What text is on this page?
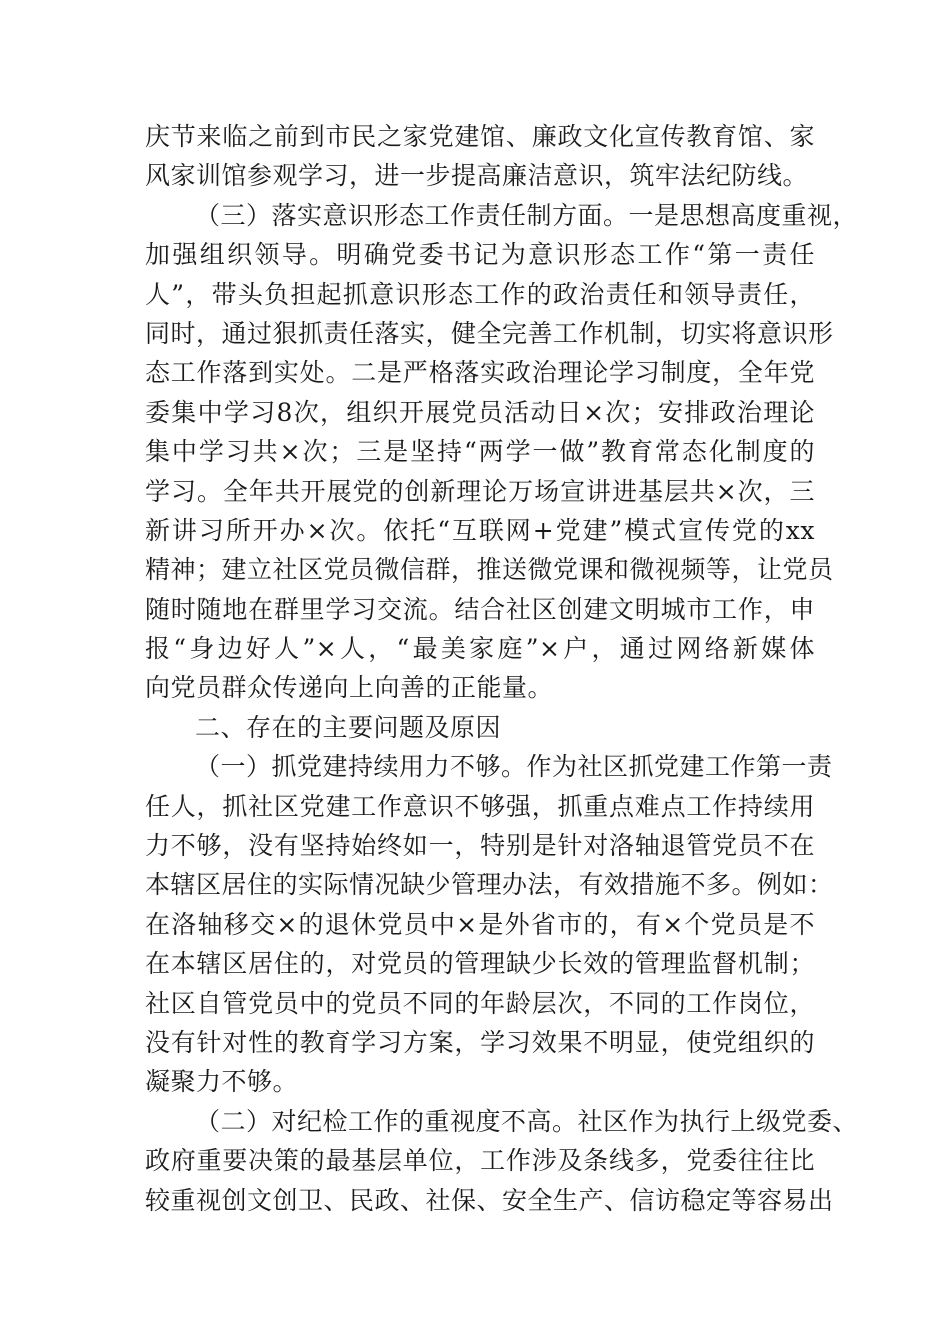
庆节来临之前到市民之家党建馆、廉政文化宣传教育馆、家
风家训馆参观学习，进一步提高廉洁意识，筑牢法纪防线。
（三）落实意识形态工作责任制方面。一是思想高度重视，
加强组织领导。明确党委书记为意识形态工作“第一责任
人”，带头负担起抓意识形态工作的政治责任和领导责任，
同时，通过狠抓责任落实，健全完善工作机制，切实将意识形
态工作落到实处。二是严格落实政治理论学习制度，全年党
委集中学习8次，组织开展党员活动日×次；安排政治理论
集中学习共×次；三是坚持“两学一做”教育常态化制度的
学习。全年共开展党的创新理论万场宣讲进基层共×次，三
新讲习所开办×次。依托“互联网+党建”模式宣传党的xx
精神；建立社区党员微信群，推送微党课和微视频等，让党员
随时随地在群里学习交流。结合社区创建文明城市工作，申
报“身边好人”×人，“最美家庭”×户，通过网络新媒体
向党员群众传递向上向善的正能量。
二、存在的主要问题及原因
（一）抓党建持续用力不够。作为社区抓党建工作第一责
任人，抓社区党建工作意识不够强，抓重点难点工作持续用
力不够，没有坚持始终如一，特别是针对洛轴退管党员不在
本辖区居住的实际情况缺少管理办法，有效措施不多。例如：
在洛轴移交×的退休党员中×是外省市的，有×个党员是不
在本辖区居住的，对党员的管理缺少长效的管理监督机制；
社区自管党员中的党员不同的年龄层次，不同的工作岗位，
没有针对性的教育学习方案，学习效果不明显，使党组织的
凝聚力不够。
（二）对纪检工作的重视度不高。社区作为执行上级党委、
政府重要决策的最基层单位，工作涉及条线多，党委往往比
较重视创文创卫、民政、社保、安全生产、信访稳定等容易出
